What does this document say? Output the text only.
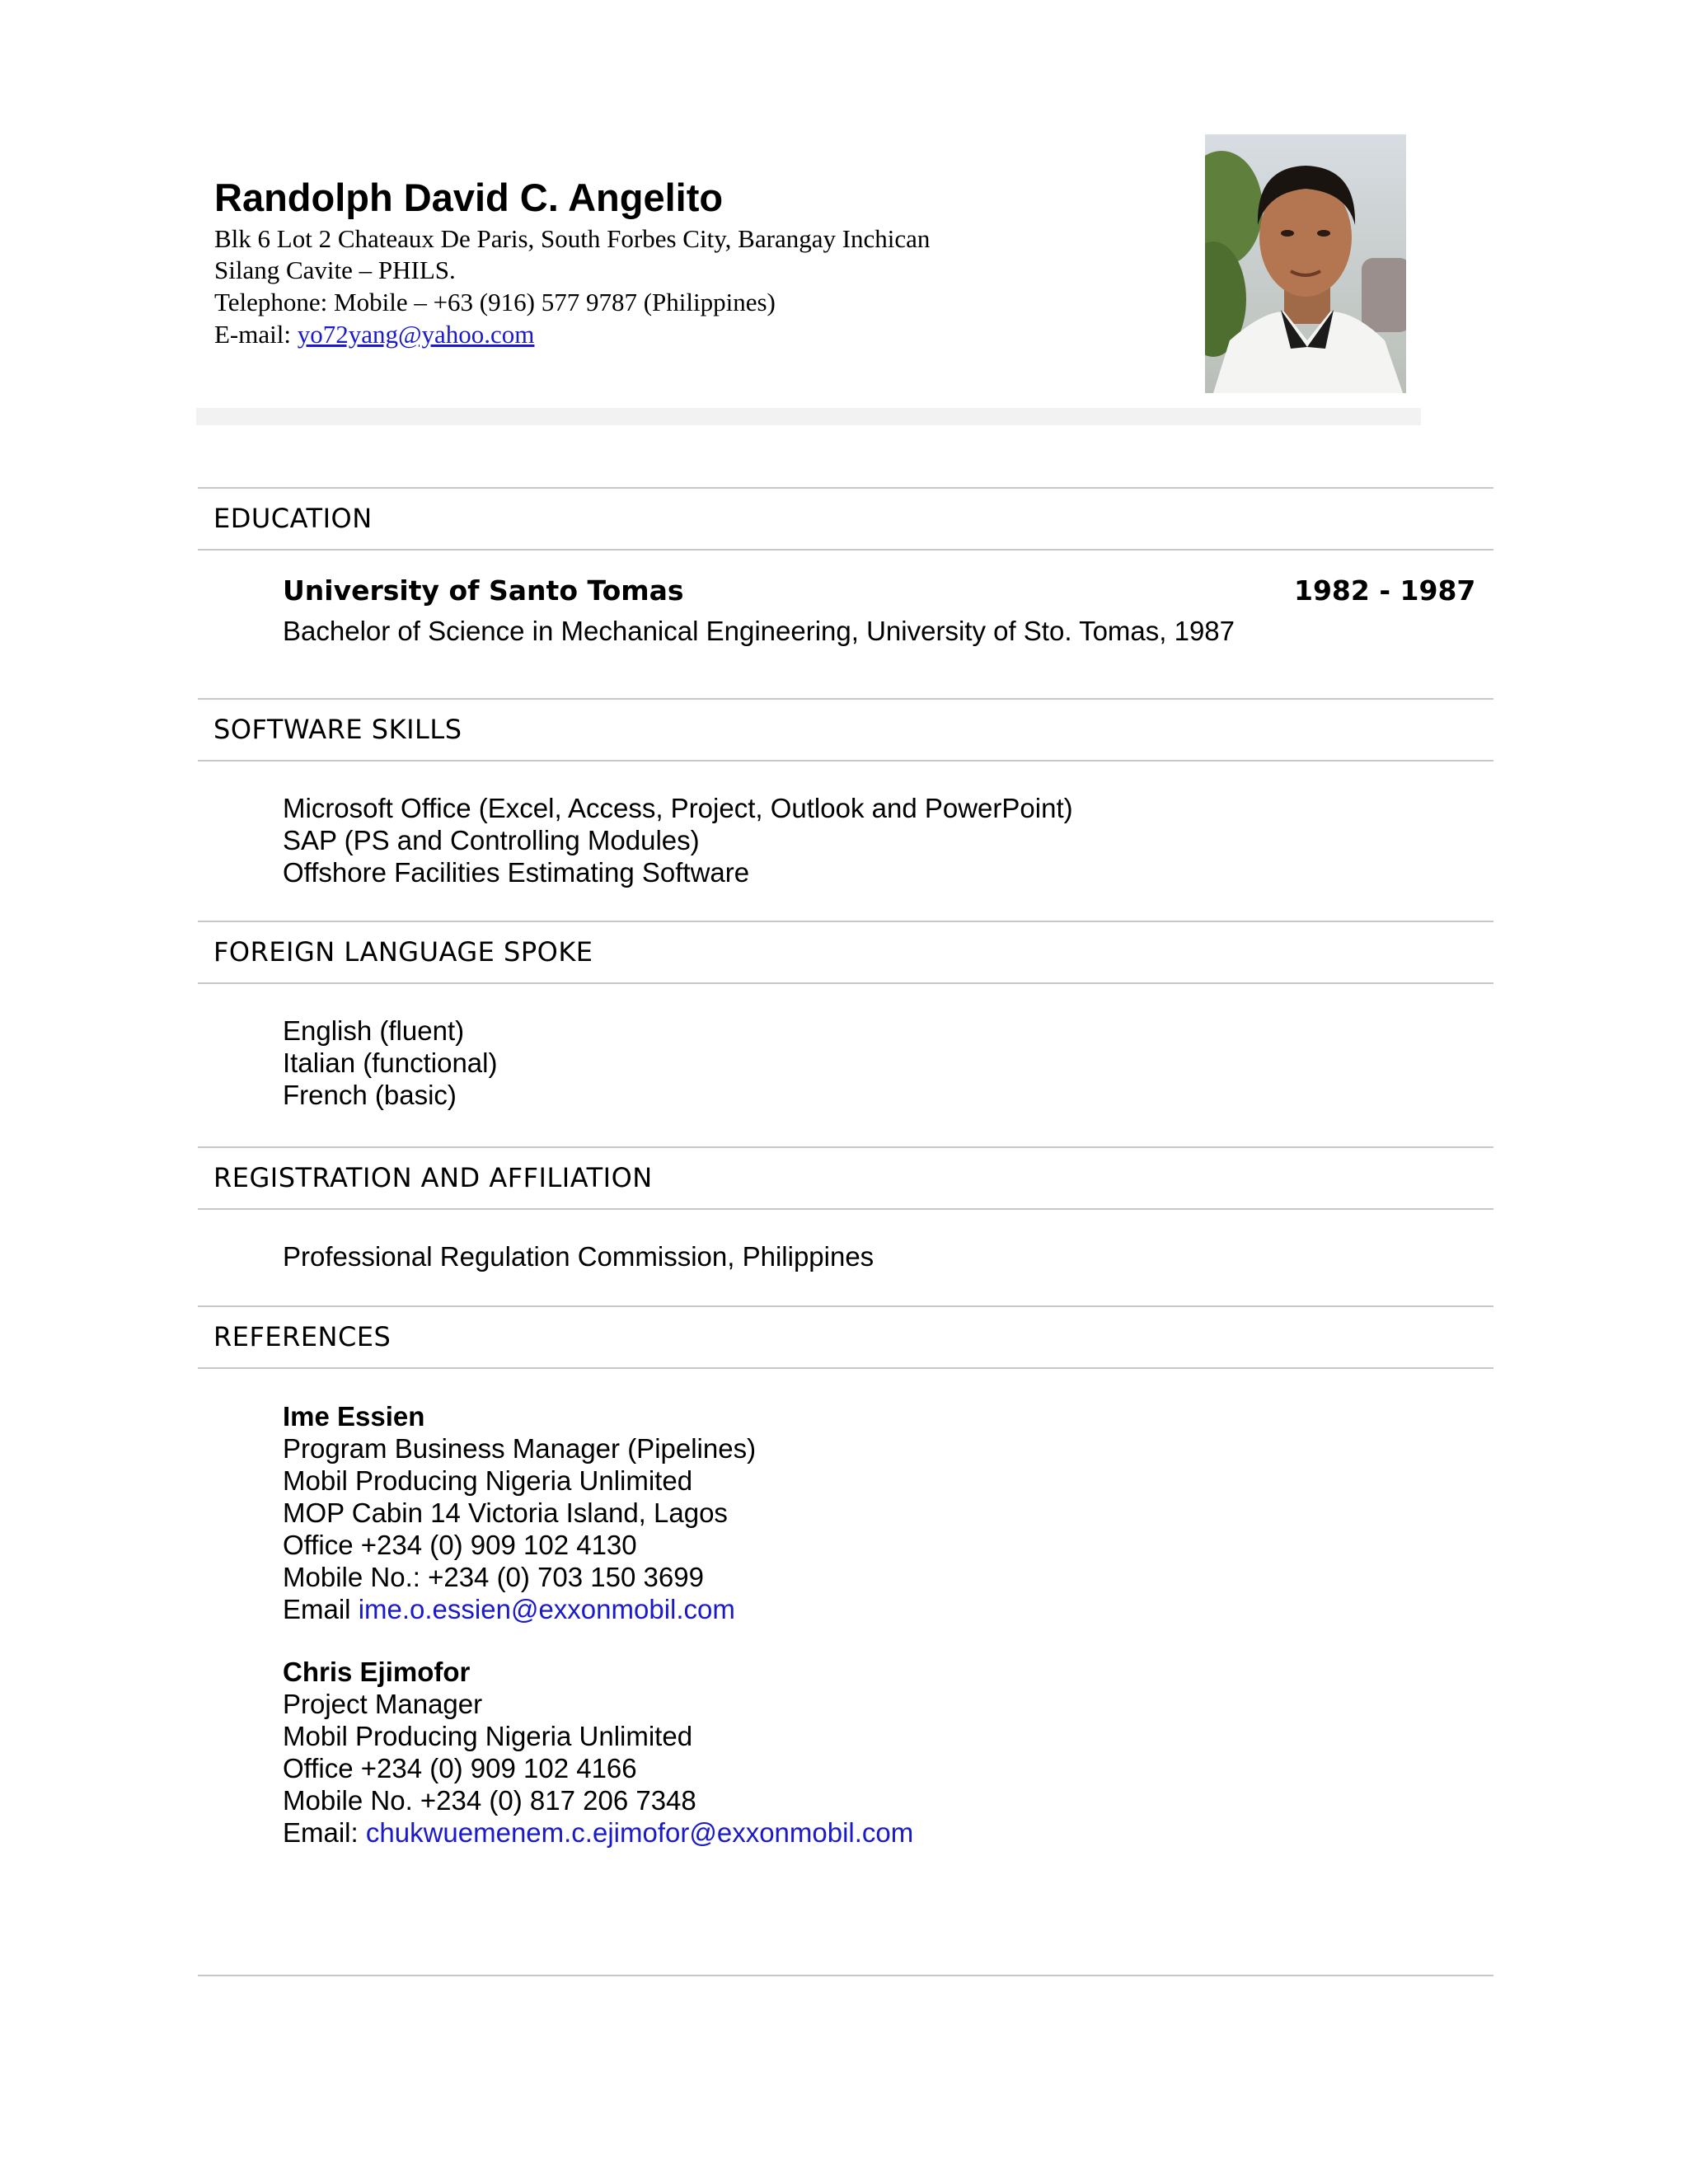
Randolph David C. Angelito
Blk 6 Lot 2 Chateaux De Paris, South Forbes City, Barangay Inchican
Silang Cavite – PHILS.
Telephone: Mobile – +63 (916) 577 9787 (Philippines)
E-mail: yo72yang@yahoo.com
EDUCATION
University of Santo Tomas	1982 - 1987
Bachelor of Science in Mechanical Engineering, University of Sto. Tomas, 1987
SOFTWARE SKILLS
Microsoft Office (Excel, Access, Project, Outlook and PowerPoint)
SAP (PS and Controlling Modules)
Offshore Facilities Estimating Software
FOREIGN LANGUAGE SPOKE
English (fluent)
Italian (functional)
French (basic)
REGISTRATION AND AFFILIATION
Professional Regulation Commission, Philippines
REFERENCES
Ime Essien
Program Business Manager (Pipelines)
Mobil Producing Nigeria Unlimited
MOP Cabin 14 Victoria Island, Lagos
Office +234 (0) 909 102 4130
Mobile No.: +234 (0) 703 150 3699
Email ime.o.essien@exxonmobil.com
Chris Ejimofor
Project Manager
Mobil Producing Nigeria Unlimited
Office +234 (0) 909 102 4166
Mobile No. +234 (0) 817 206 7348
Email: chukwuemenem.c.ejimofor@exxonmobil.com
